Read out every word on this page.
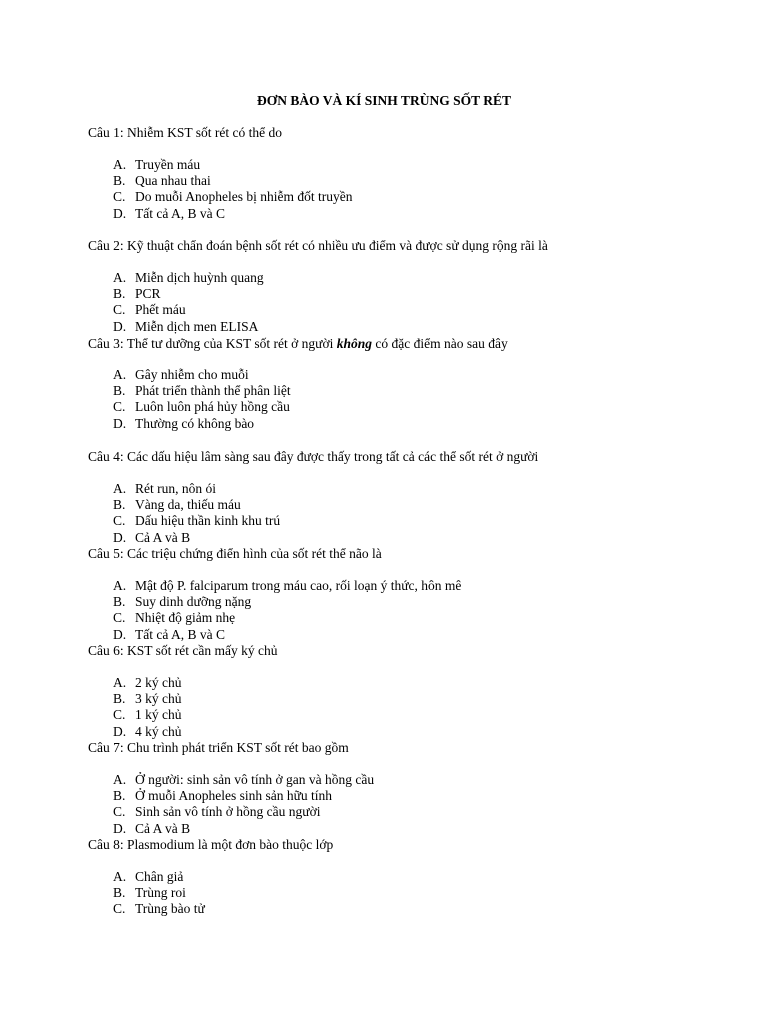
ĐƠN BÀO VÀ KÍ SINH TRÙNG SỐT RÉT
Câu 1: Nhiễm KST sốt rét có thể do
A. Truyền máu
B. Qua nhau thai
C. Do muỗi Anopheles bị nhiễm đốt truyền
D. Tất cả A, B và C
Câu 2: Kỹ thuật chẩn đoán bệnh sốt rét có nhiều ưu điểm và được sử dụng rộng rãi là
A. Miễn dịch huỳnh quang
B. PCR
C. Phết máu
D. Miễn dịch men ELISA
Câu 3: Thể tư dưỡng của KST sốt rét ở người không có đặc điểm nào sau đây
A. Gây nhiễm cho muỗi
B. Phát triển thành thể phân liệt
C. Luôn luôn phá hủy hồng cầu
D. Thường có không bào
Câu 4: Các dấu hiệu lâm sàng sau đây được thấy trong tất cả các thể sốt rét ở người
A. Rét run, nôn ói
B. Vàng da, thiếu máu
C. Dấu hiệu thần kinh khu trú
D. Cả A và B
Câu 5: Các triệu chứng điển hình của sốt rét thể não là
A. Mật độ P. falciparum trong máu cao, rối loạn ý thức, hôn mê
B. Suy dinh dưỡng nặng
C. Nhiệt độ giảm nhẹ
D. Tất cả A, B và C
Câu 6: KST sốt rét cần mấy ký chủ
A. 2 ký chủ
B. 3 ký chủ
C. 1 ký chủ
D. 4 ký chủ
Câu 7: Chu trình phát triển KST sốt rét bao gồm
A. Ở người: sinh sản vô tính ở gan và hồng cầu
B. Ở muỗi Anopheles sinh sản hữu tính
C. Sinh sản vô tính ở hồng cầu người
D. Cả A và B
Câu 8: Plasmodium là một đơn bào thuộc lớp
A. Chân giả
B. Trùng roi
C. Trùng bào tử
